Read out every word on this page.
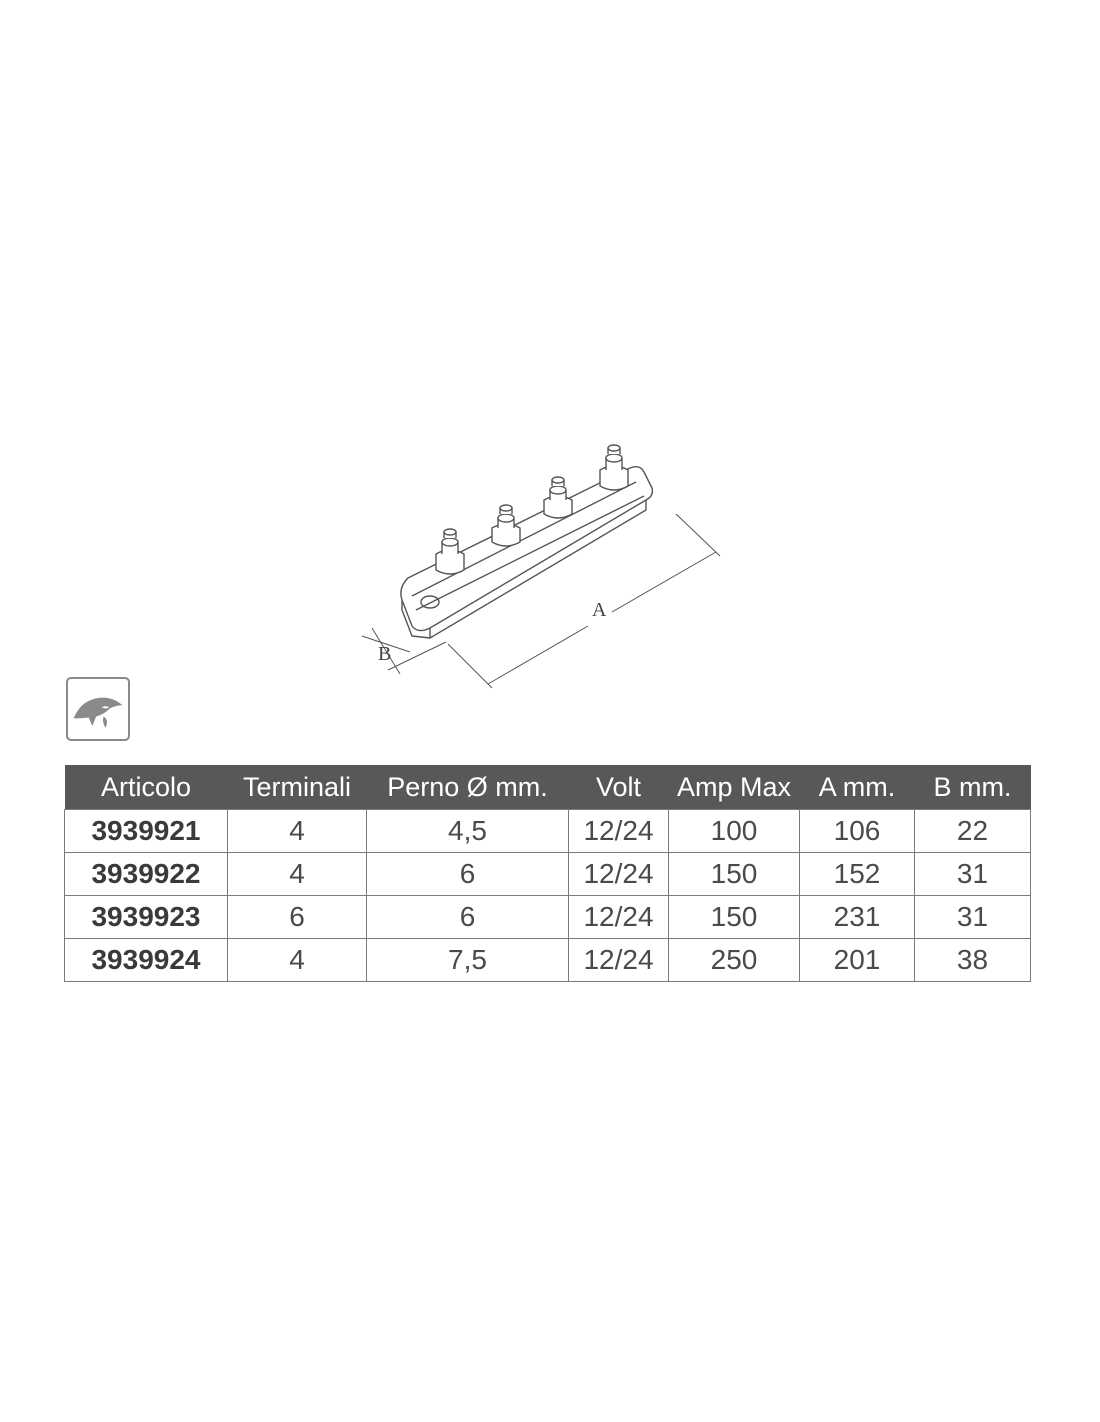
A
B
Articolo	Terminali	Perno Ø mm.	Volt	Amp Max	A mm.	B mm.
3939921	4	4,5	12/24	100	106	22
3939922	4	6	12/24	150	152	31
3939923	6	6	12/24	150	231	31
3939924	4	7,5	12/24	250	201	38
